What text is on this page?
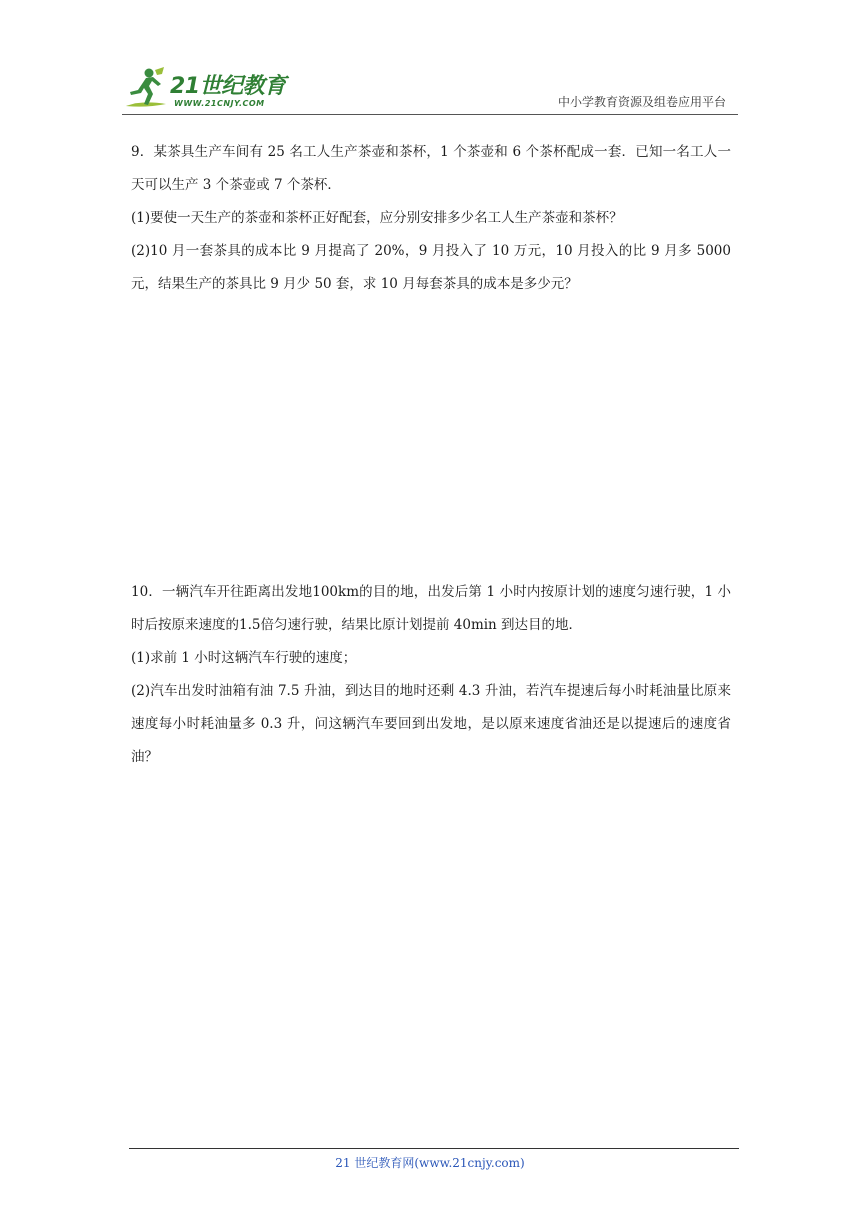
21世纪教育
WWW.21CNJY.COM	中小学教育资源及组卷应用平台

9．某茶具生产车间有 25 名工人生产茶壶和茶杯，1 个茶壶和 6 个茶杯配成一套．已知一名工人一天可以生产 3 个茶壶或 7 个茶杯．

(1)要使一天生产的茶壶和茶杯正好配套，应分别安排多少名工人生产茶壶和茶杯？

(2)10 月一套茶具的成本比 9 月提高了 20%，9 月投入了 10 万元，10 月投入的比 9 月多 5000 元，结果生产的茶具比 9 月少 50 套，求 10 月每套茶具的成本是多少元？

10．一辆汽车开往距离出发地100km的目的地，出发后第 1 小时内按原计划的速度匀速行驶，1 小时后按原来速度的1.5倍匀速行驶，结果比原计划提前 40min 到达目的地．

(1)求前 1 小时这辆汽车行驶的速度；

(2)汽车出发时油箱有油 7.5 升油，到达目的地时还剩 4.3 升油，若汽车提速后每小时耗油量比原来速度每小时耗油量多 0.3 升，问这辆汽车要回到出发地，是以原来速度省油还是以提速后的速度省油？

21 世纪教育网(www.21cnjy.com)
